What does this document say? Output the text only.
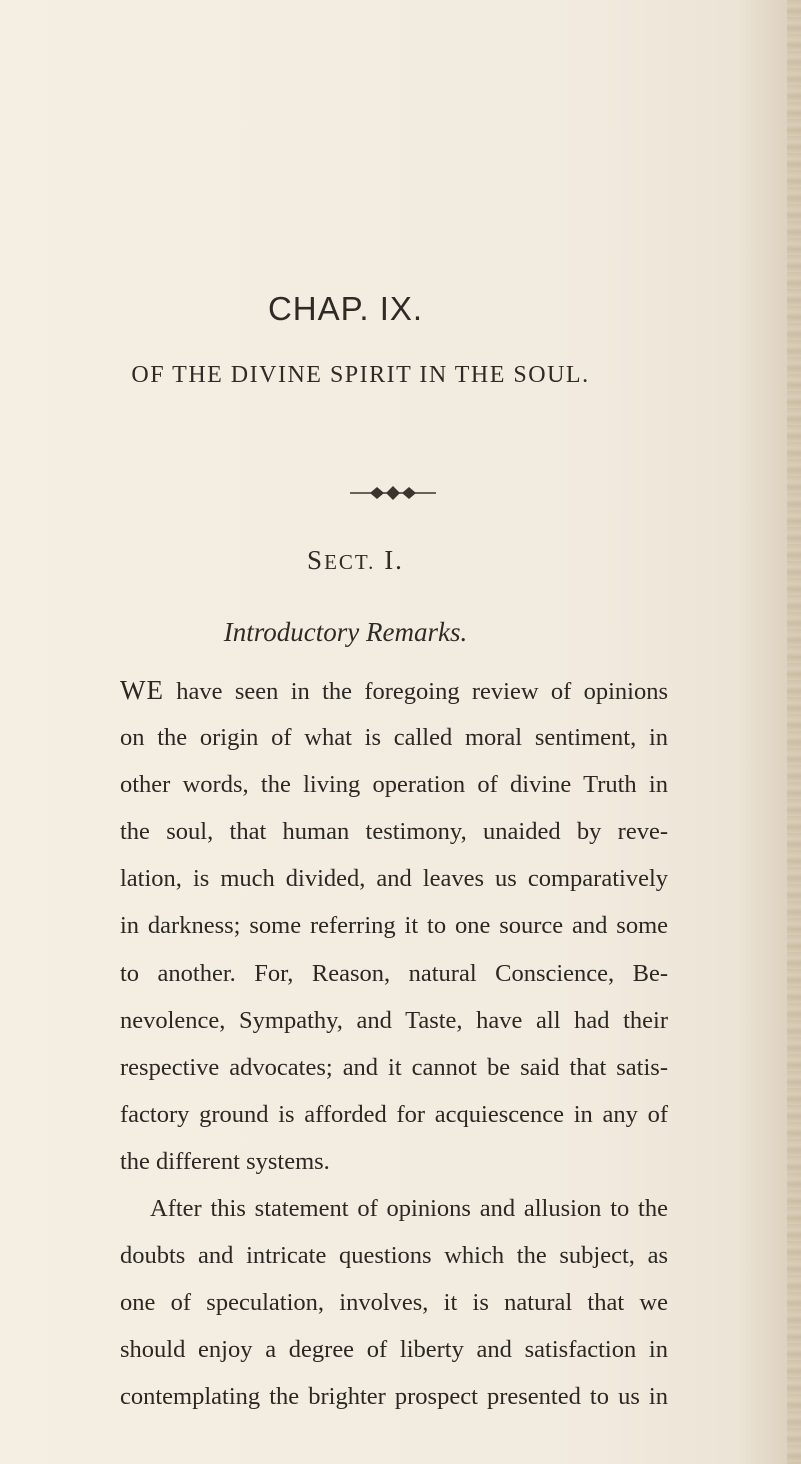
CHAP. IX.
OF THE DIVINE SPIRIT IN THE SOUL.
SECT. I.
Introductory Remarks.
WE have seen in the foregoing review of opinions
on the origin of what is called moral sentiment, in
other words, the living operation of divine Truth in
the soul, that human testimony, unaided by reve-
lation, is much divided, and leaves us comparatively
in darkness; some referring it to one source and some
to another. For, Reason, natural Conscience, Be-
nevolence, Sympathy, and Taste, have all had their
respective advocates; and it cannot be said that satis-
factory ground is afforded for acquiescence in any of
the different systems.
After this statement of opinions and allusion to the
doubts and intricate questions which the subject, as
one of speculation, involves, it is natural that we
should enjoy a degree of liberty and satisfaction in
contemplating the brighter prospect presented to us in
